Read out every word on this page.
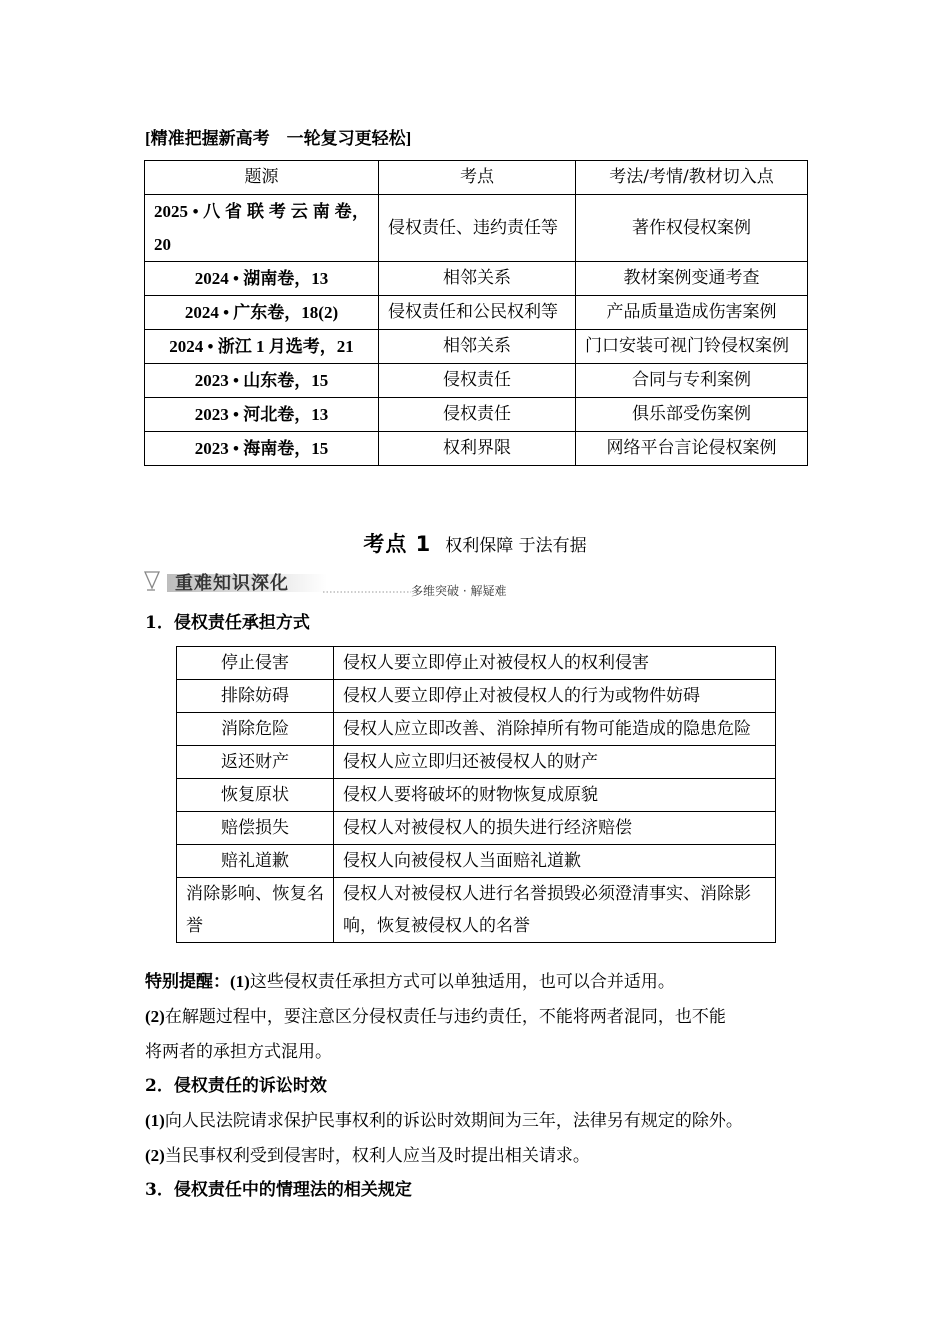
[精准把握新高考　一轮复习更轻松]
题源	考点	考法/考情/教材切入点
2025 • 八 省 联 考 云 南 卷，20	侵权责任、违约责任等	著作权侵权案例
2024 • 湖南卷，13	相邻关系	教材案例变通考查
2024 • 广东卷，18(2)	侵权责任和公民权利等	产品质量造成伤害案例
2024 • 浙江 1 月选考，21	相邻关系	门口安装可视门铃侵权案例
2023 • 山东卷，15	侵权责任	合同与专利案例
2023 • 河北卷，13	侵权责任	俱乐部受伤案例
2023 • 海南卷，15	权利界限	网络平台言论侵权案例
考点 1 权利保障 于法有据
重难知识深化	多维突破 · 解疑难
1．侵权责任承担方式
停止侵害	侵权人要立即停止对被侵权人的权利侵害
排除妨碍	侵权人要立即停止对被侵权人的行为或物件妨碍
消除危险	侵权人应立即改善、消除掉所有物可能造成的隐患危险
返还财产	侵权人应立即归还被侵权人的财产
恢复原状	侵权人要将破坏的财物恢复成原貌
赔偿损失	侵权人对被侵权人的损失进行经济赔偿
赔礼道歉	侵权人向被侵权人当面赔礼道歉
消除影响、恢复名誉	侵权人对被侵权人进行名誉损毁必须澄清事实、消除影响，恢复被侵权人的名誉
特别提醒：(1)这些侵权责任承担方式可以单独适用，也可以合并适用。
(2)在解题过程中，要注意区分侵权责任与违约责任，不能将两者混同，也不能
将两者的承担方式混用。
2．侵权责任的诉讼时效
(1)向人民法院请求保护民事权利的诉讼时效期间为三年，法律另有规定的除外。
(2)当民事权利受到侵害时，权利人应当及时提出相关请求。
3．侵权责任中的情理法的相关规定
